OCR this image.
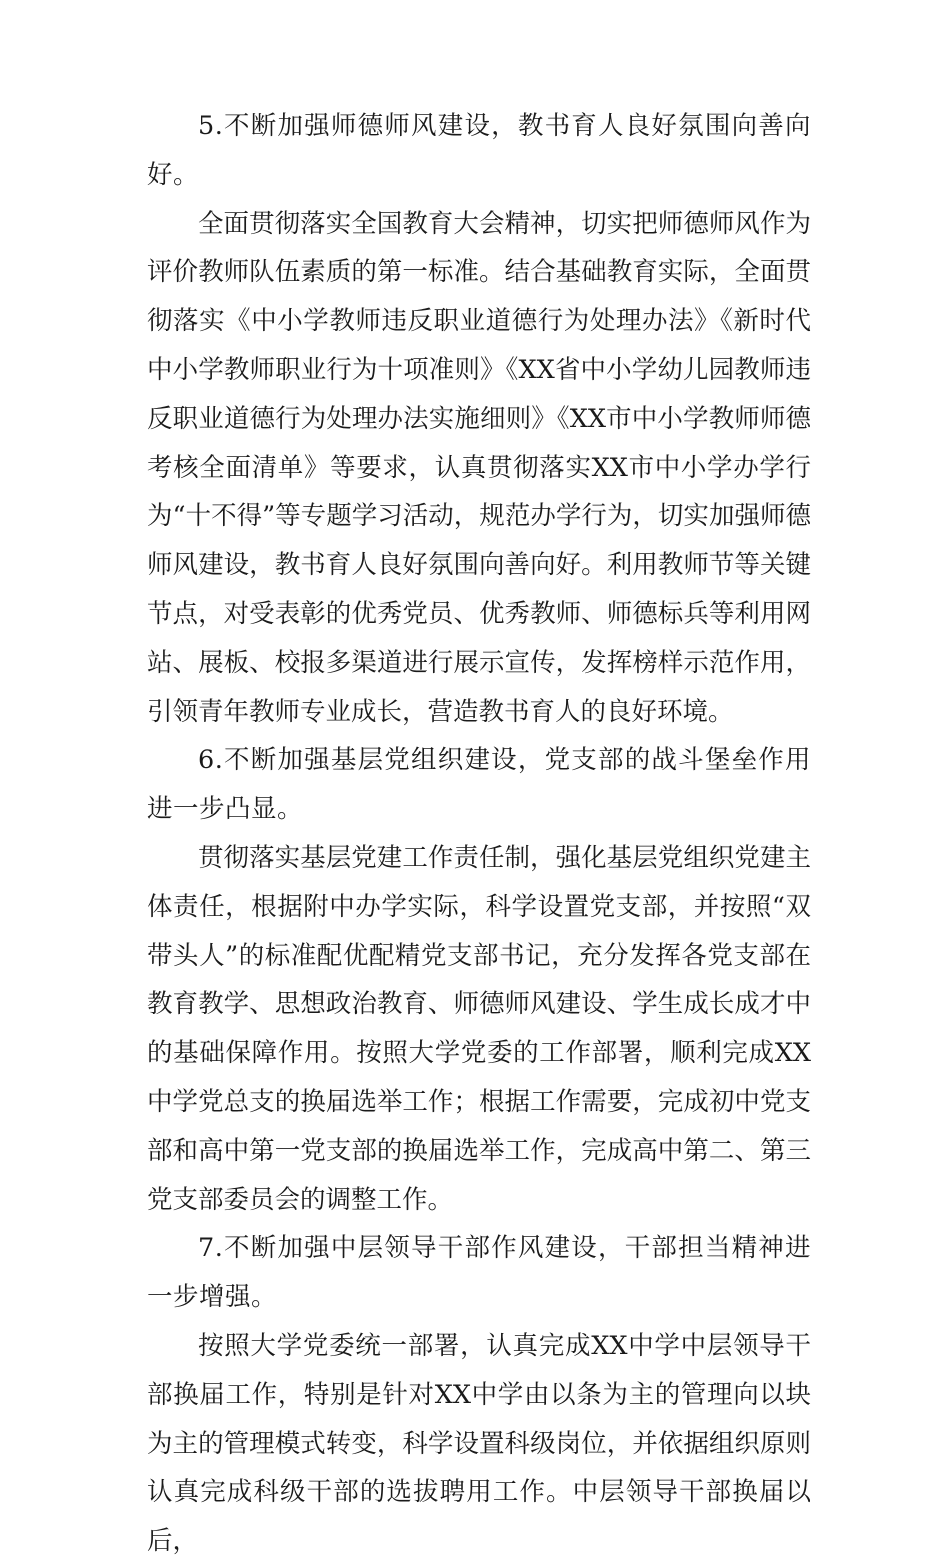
5.不断加强师德师风建设，教书育人良好氛围向善向好。

全面贯彻落实全国教育大会精神，切实把师德师风作为评价教师队伍素质的第一标准。结合基础教育实际，全面贯彻落实《中小学教师违反职业道德行为处理办法》《新时代中小学教师职业行为十项准则》《XX省中小学幼儿园教师违反职业道德行为处理办法实施细则》《XX市中小学教师师德考核全面清单》等要求，认真贯彻落实XX市中小学办学行为“十不得”等专题学习活动，规范办学行为，切实加强师德师风建设，教书育人良好氛围向善向好。利用教师节等关键节点，对受表彰的优秀党员、优秀教师、师德标兵等利用网站、展板、校报多渠道进行展示宣传，发挥榜样示范作用，引领青年教师专业成长，营造教书育人的良好环境。

6.不断加强基层党组织建设，党支部的战斗堡垒作用进一步凸显。

贯彻落实基层党建工作责任制，强化基层党组织党建主体责任，根据附中办学实际，科学设置党支部，并按照“双带头人”的标准配优配精党支部书记，充分发挥各党支部在教育教学、思想政治教育、师德师风建设、学生成长成才中的基础保障作用。按照大学党委的工作部署，顺利完成XX中学党总支的换届选举工作；根据工作需要，完成初中党支部和高中第一党支部的换届选举工作，完成高中第二、第三党支部委员会的调整工作。

7.不断加强中层领导干部作风建设，干部担当精神进一步增强。

按照大学党委统一部署，认真完成XX中学中层领导干部换届工作，特别是针对XX中学由以条为主的管理向以块为主的管理模式转变，科学设置科级岗位，并依据组织原则认真完成科级干部的选拔聘用工作。中层领导干部换届以后，
